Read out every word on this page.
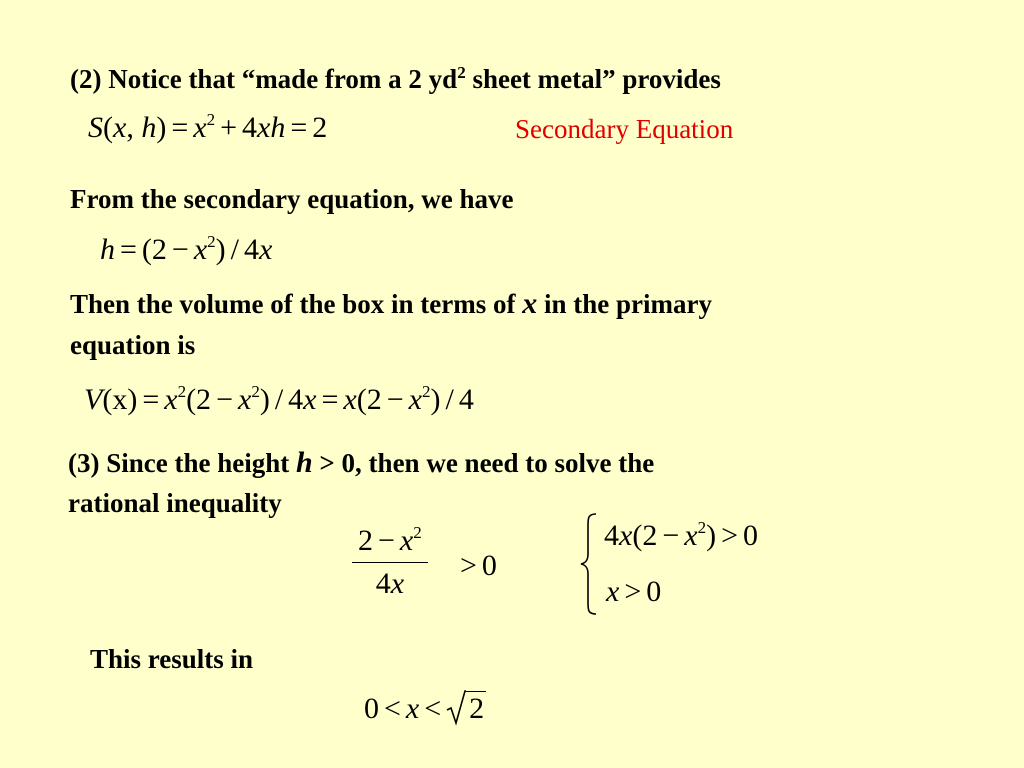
(2) Notice that “made from a 2 $yd^2$ sheet metal” provides
S(x, $h) = x^2 + 4xh = 2$	Secondary Equation
From the secondary equation, we have
$h = (2 - x^2) / 4x$
Then the volume of the box in terms of x in the primary
equation is
$V(x) = x^2(2 - x^2) / 4x = x(2 - x^2) / 4$
(3) Since the height h > 0, then we need to solve the
rational inequality
$2 - x^2$
4x
> 0
$4x(2 - x^2) > 0$
x > 0
This results in
0 < x < 2
